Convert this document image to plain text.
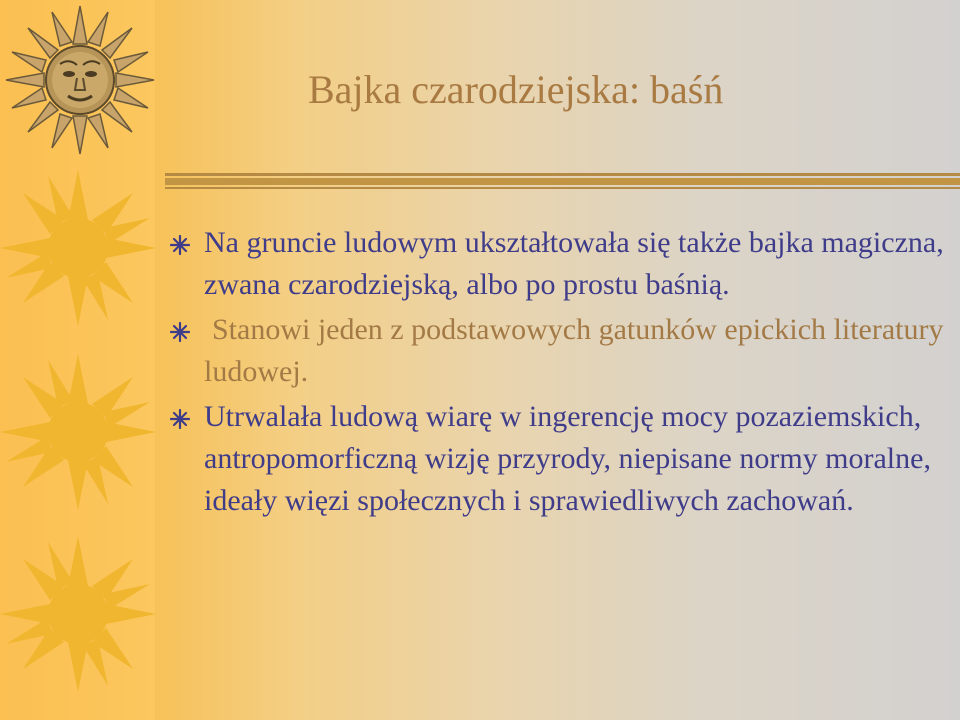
Bajka czarodziejska: baśń
Na gruncie ludowym ukształtowała się także bajka magiczna, zwana czarodziejską, albo po prostu baśnią.
Stanowi jeden z podstawowych gatunków epickich literatury ludowej.
Utrwalała ludową wiarę w ingerencję mocy pozaziemskich, antropomorficzną wizję przyrody, niepisane normy moralne, ideały więzi społecznych i sprawiedliwych zachowań.
